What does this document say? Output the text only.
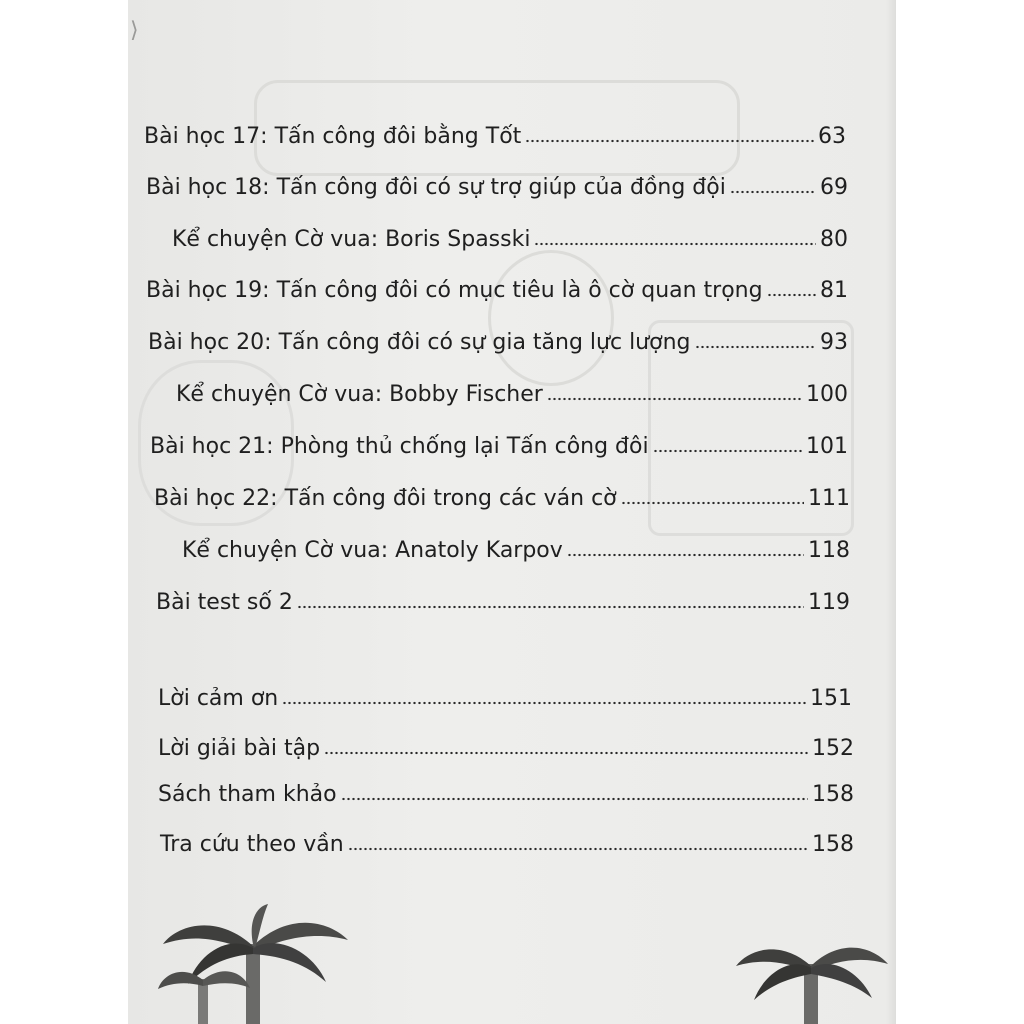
⟩
Bài học 17: Tấn công đôi bằng Tốt	63
Bài học 18: Tấn công đôi có sự trợ giúp của đồng đội	69
Kể chuyện Cờ vua: Boris Spasski	80
Bài học 19: Tấn công đôi có mục tiêu là ô cờ quan trọng	81
Bài học 20: Tấn công đôi có sự gia tăng lực lượng	93
Kể chuyện Cờ vua: Bobby Fischer	100
Bài học 21: Phòng thủ chống lại Tấn công đôi	101
Bài học 22: Tấn công đôi trong các ván cờ	111
Kể chuyện Cờ vua: Anatoly Karpov	118
Bài test số 2	119
Lời cảm ơn	151
Lời giải bài tập	152
Sách tham khảo	158
Tra cứu theo vần	158
